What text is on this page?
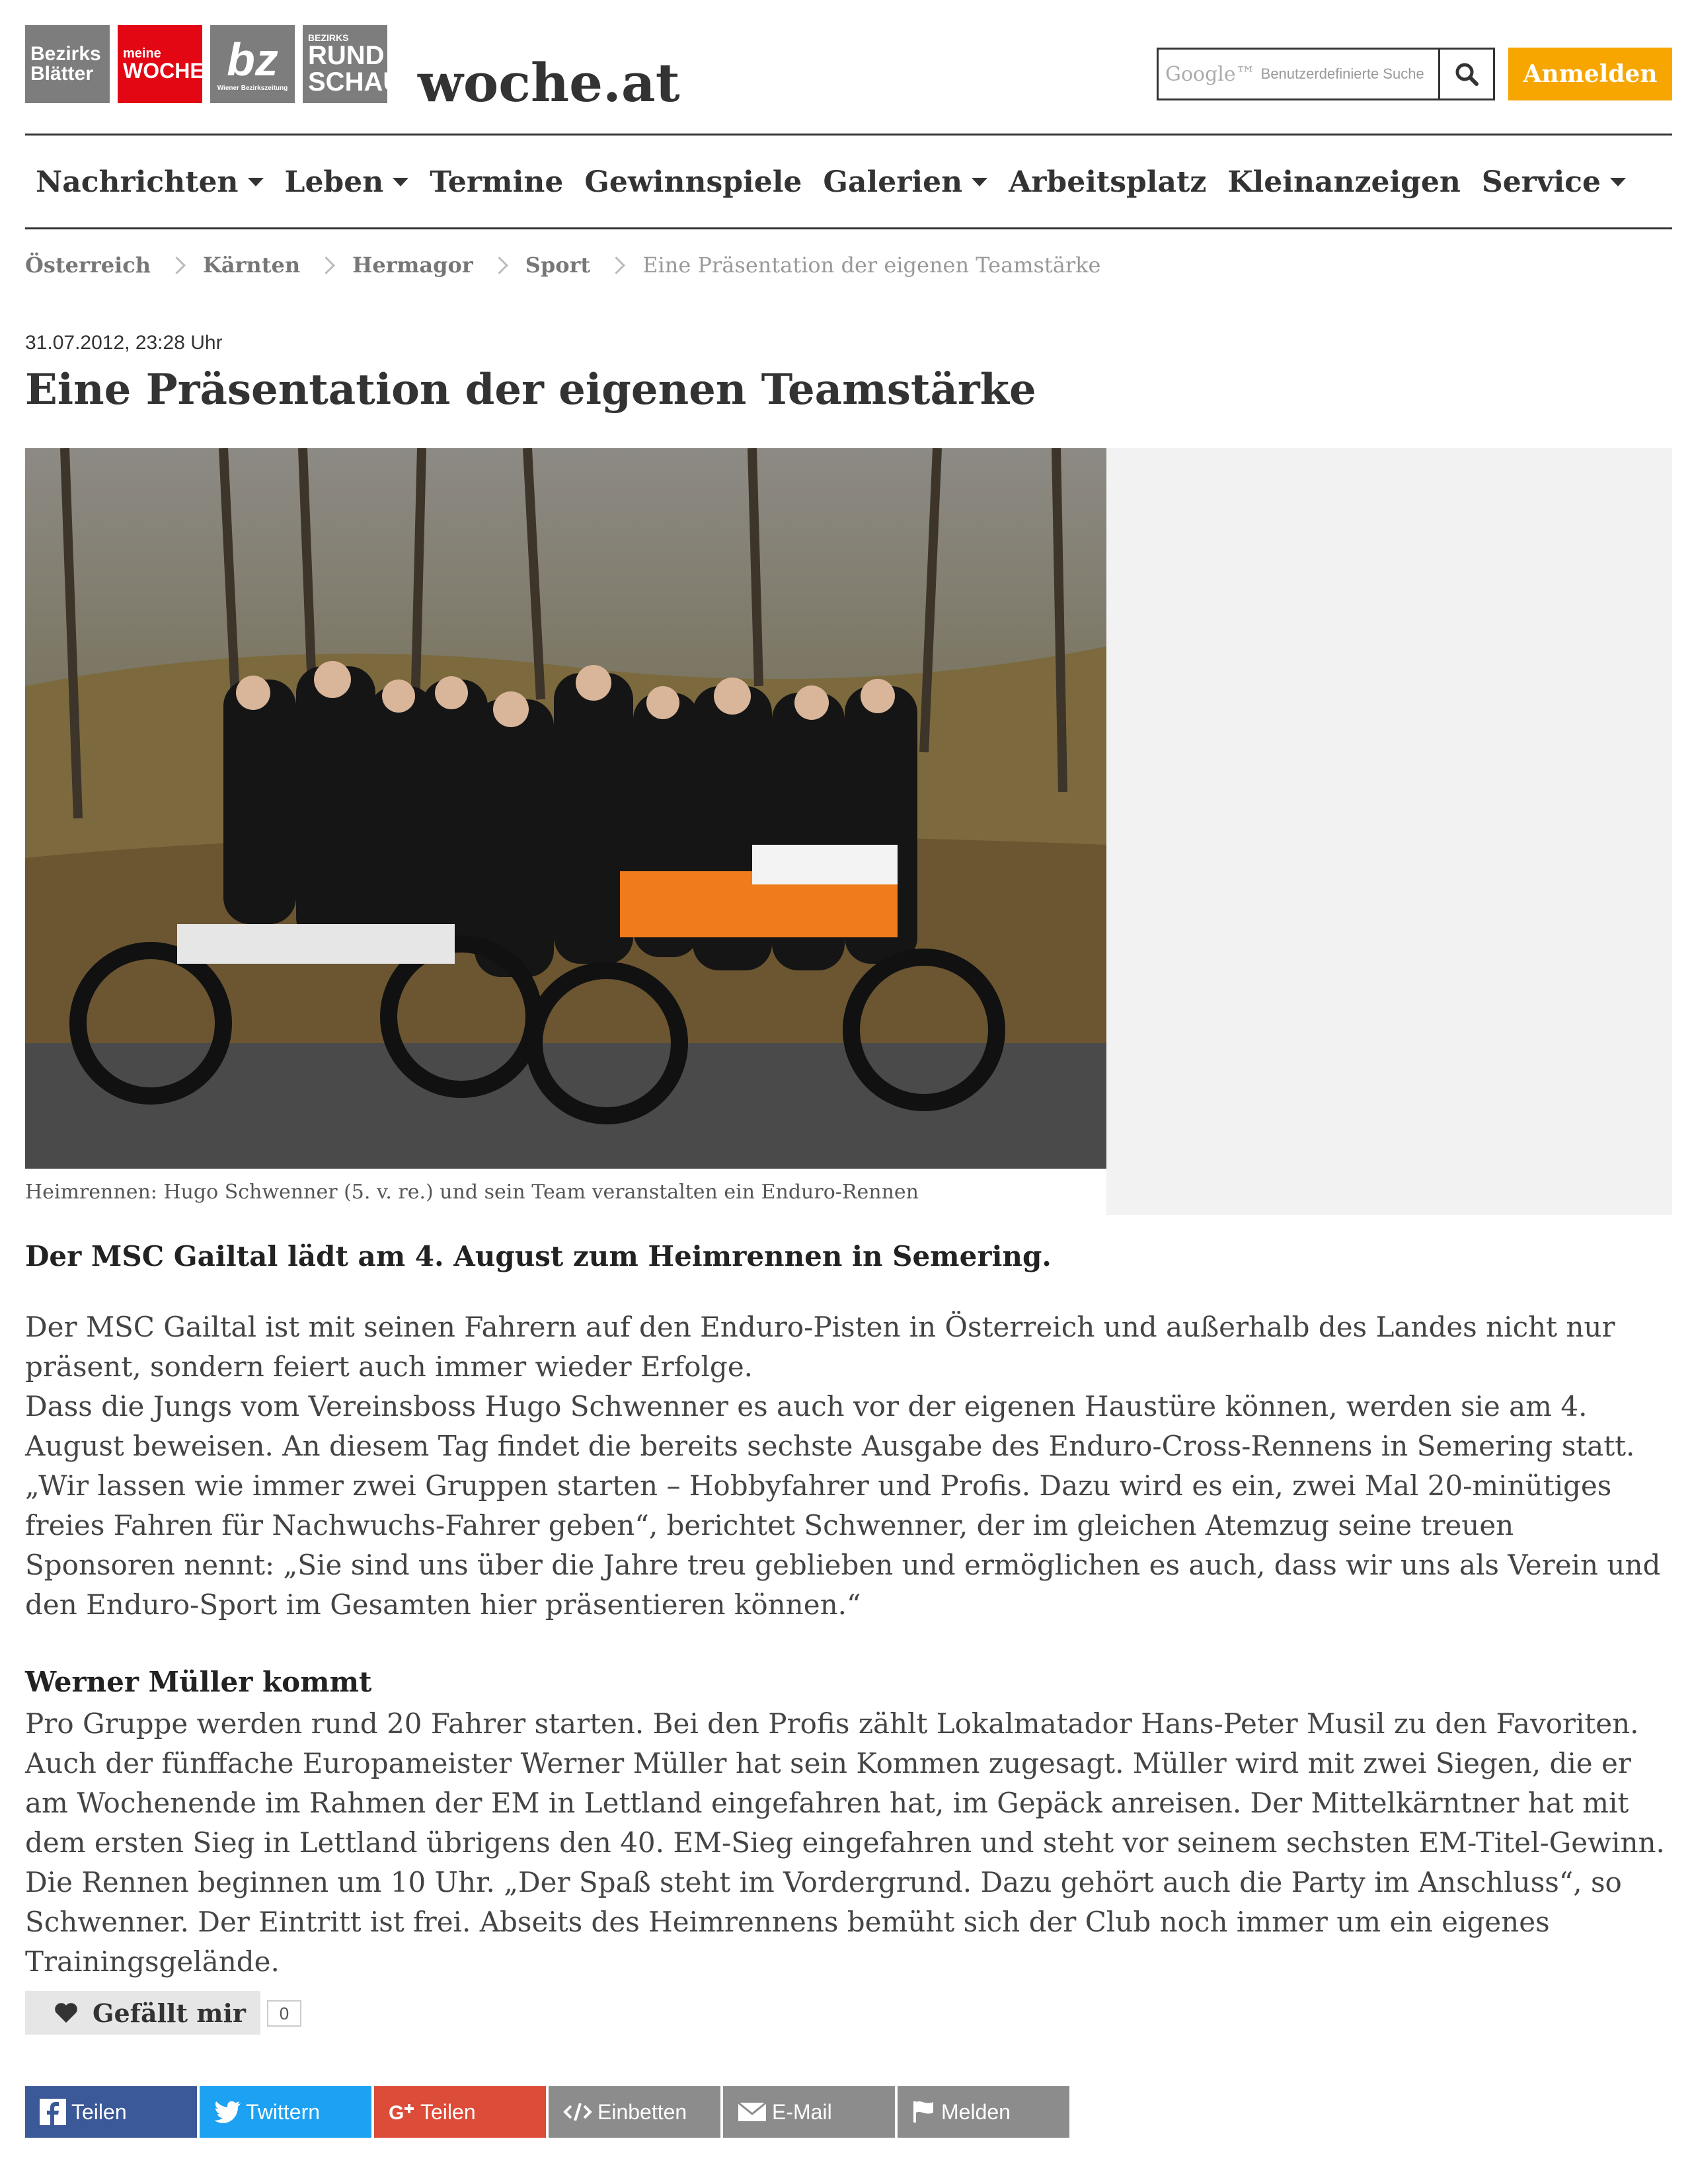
Bezirks
Blätter
meine
WOCHE bz
Wiener Bezirkszeitung
BEZIRKS
RUND
SCHAU woche.at	Google™ Benutzerdefinierte Suche	Anmelden
Nachrichten Leben Termine Gewinnspiele Galerien Arbeitsplatz Kleinanzeigen Service
Österreich Kärnten Hermagor Sport Eine Präsentation der eigenen Teamstärke
31.07.2012, 23:28 Uhr
Eine Präsentation der eigenen Teamstärke
Heimrennen: Hugo Schwenner (5. v. re.) und sein Team veranstalten ein Enduro-Rennen
Der MSC Gailtal lädt am 4. August zum Heimrennen in Semering.
Der MSC Gailtal ist mit seinen Fahrern auf den Enduro-Pisten in Österreich und außerhalb des Landes nicht nur präsent, sondern feiert auch immer wieder Erfolge.
Dass die Jungs vom Vereinsboss Hugo Schwenner es auch vor der eigenen Haustüre können, werden sie am 4. August beweisen. An diesem Tag findet die bereits sechste Ausgabe des Enduro-Cross-Rennens in Semering statt. „Wir lassen wie immer zwei Gruppen starten – Hobbyfahrer und Profis. Dazu wird es ein, zwei Mal 20-minütiges freies Fahren für Nachwuchs-Fahrer geben“, berichtet Schwenner, der im gleichen Atemzug seine treuen Sponsoren nennt: „Sie sind uns über die Jahre treu geblieben und ermöglichen es auch, dass wir uns als Verein und den Enduro-Sport im Gesamten hier präsentieren können.“
Werner Müller kommt
Pro Gruppe werden rund 20 Fahrer starten. Bei den Profis zählt Lokalmatador Hans-Peter Musil zu den Favoriten. Auch der fünffache Europameister Werner Müller hat sein Kommen zugesagt. Müller wird mit zwei Siegen, die er am Wochenende im Rahmen der EM in Lettland eingefahren hat, im Gepäck anreisen. Der Mittelkärntner hat mit dem ersten Sieg in Lettland übrigens den 40. EM-Sieg eingefahren und steht vor seinem sechsten EM-Titel-Gewinn. Die Rennen beginnen um 10 Uhr. „Der Spaß steht im Vordergrund. Dazu gehört auch die Party im Anschluss“, so Schwenner. Der Eintritt ist frei. Abseits des Heimrennens bemüht sich der Club noch immer um ein eigenes Trainingsgelände.
Gefällt mir	0
Teilen	Twittern	G Teilen	Einbetten	E-Mail	Melden
